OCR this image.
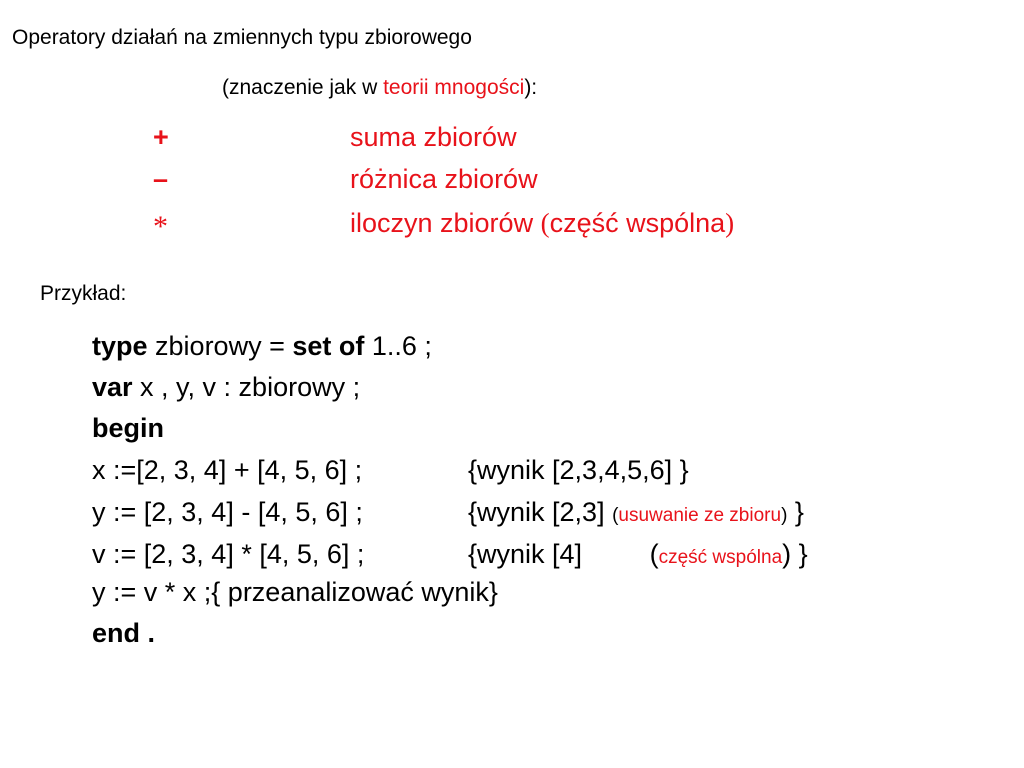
Operatory działań na zmiennych typu zbiorowego
(znaczenie jak w teorii mnogości):
+	suma zbiorów
–	różnica zbiorów
*	iloczyn zbiorów (część wspólna)
Przykład:
type zbiorowy = set of 1..6 ;
var x , y, v : zbiorowy ;
begin
x :=[2, 3, 4] + [4, 5, 6] ;	{wynik [2,3,4,5,6] }
y := [2, 3, 4] - [4, 5, 6] ;	{wynik [2,3] (usuwanie ze zbioru) }
v := [2, 3, 4] * [4, 5, 6] ;	{wynik [4]	(część wspólna) }
y := v * x ;{ przeanalizować wynik}
end .
